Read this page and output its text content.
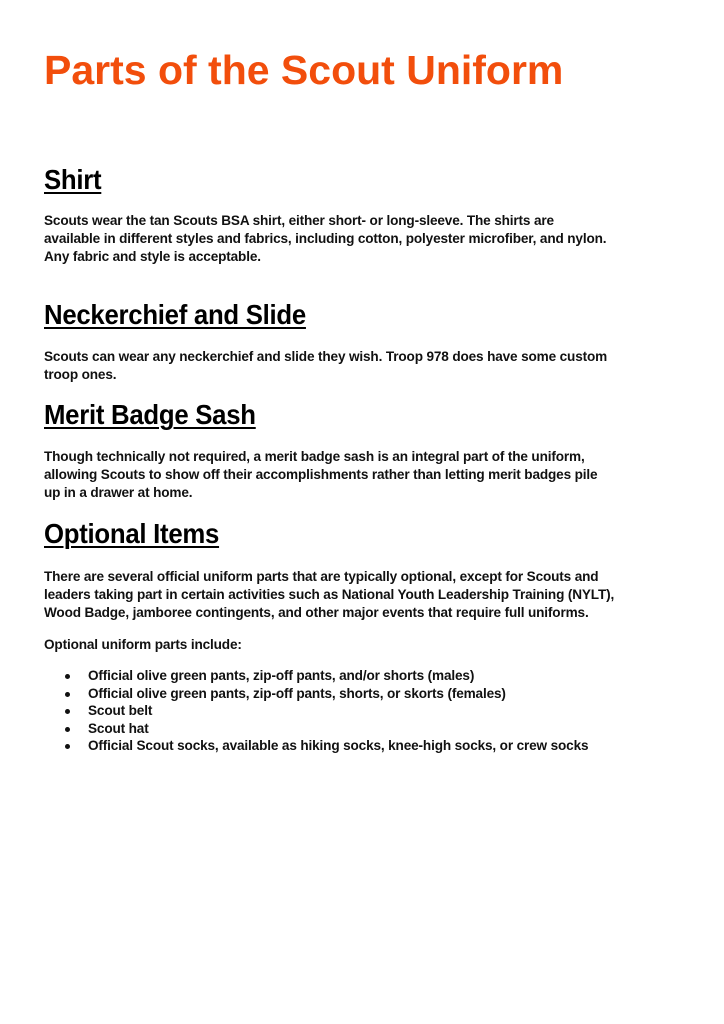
Parts of the Scout Uniform
Shirt

Scouts wear the tan Scouts BSA shirt, either short- or long-sleeve. The shirts are
available in different styles and fabrics, including cotton, polyester microfiber, and nylon.
Any fabric and style is acceptable.

Neckerchief and Slide

Scouts can wear any neckerchief and slide they wish. Troop 978 does have some custom
troop ones.

Merit Badge Sash

Though technically not required, a merit badge sash is an integral part of the uniform,
allowing Scouts to show off their accomplishments rather than letting merit badges pile
up in a drawer at home.

Optional Items

There are several official uniform parts that are typically optional, except for Scouts and
leaders taking part in certain activities such as National Youth Leadership Training (NYLT),
Wood Badge, jamboree contingents, and other major events that require full uniforms.

Optional uniform parts include:

Official olive green pants, zip-off pants, and/or shorts (males)
Official olive green pants, zip-off pants, shorts, or skorts (females)
Scout belt
Scout hat
Official Scout socks, available as hiking socks, knee-high socks, or crew socks
